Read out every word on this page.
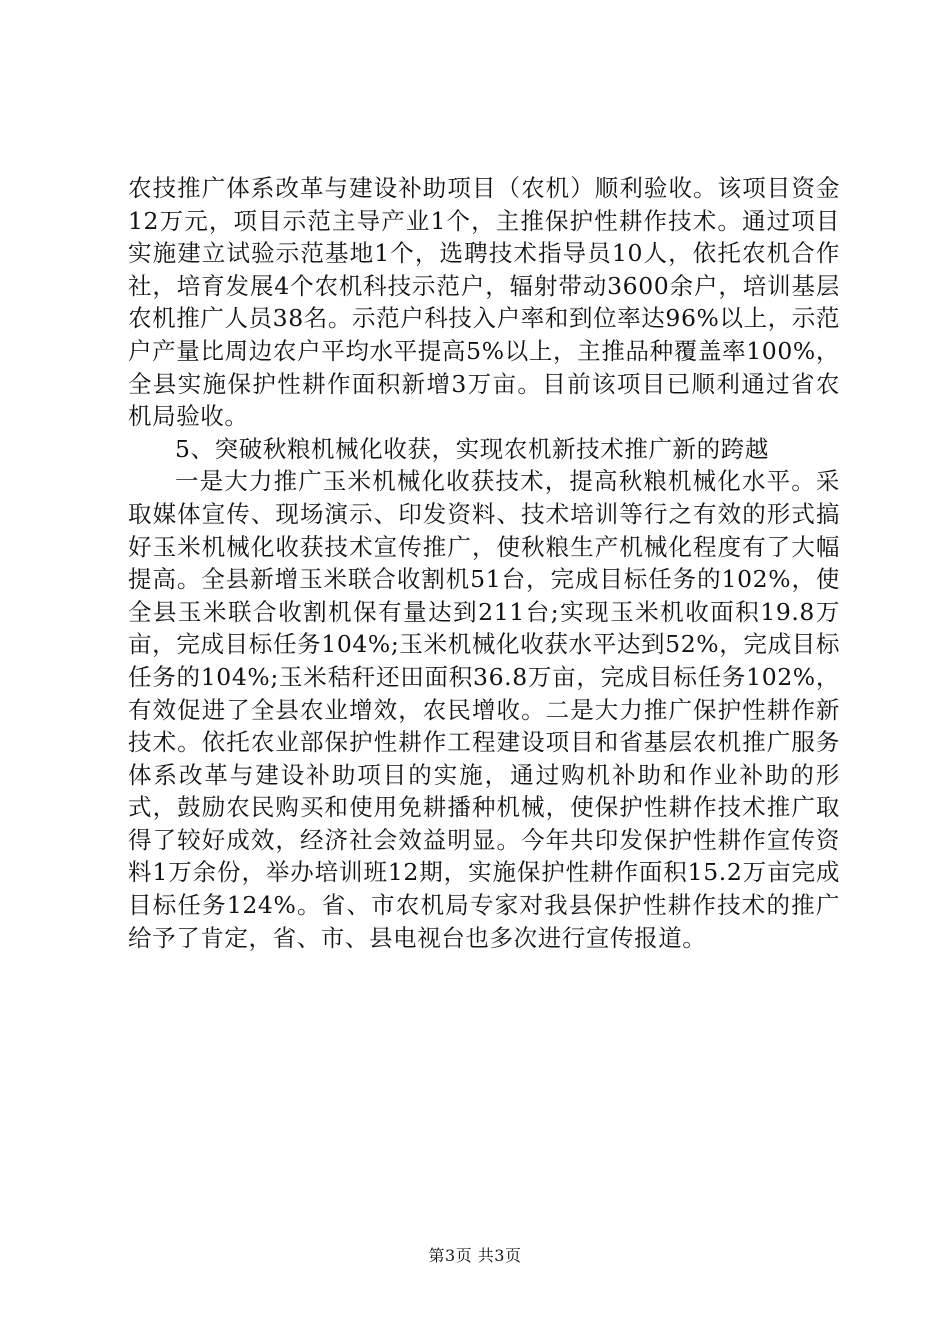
农技推广体系改革与建设补助项目（农机）顺利验收。该项目资金12万元，项目示范主导产业1个，主推保护性耕作技术。通过项目实施建立试验示范基地1个，选聘技术指导员10人，依托农机合作社，培育发展4个农机科技示范户，辐射带动3600余户，培训基层农机推广人员38名。示范户科技入户率和到位率达96%以上，示范户产量比周边农户平均水平提高5%以上，主推品种覆盖率100%，全县实施保护性耕作面积新增3万亩。目前该项目已顺利通过省农机局验收。

5、突破秋粮机械化收获，实现农机新技术推广新的跨越

一是大力推广玉米机械化收获技术，提高秋粮机械化水平。采取媒体宣传、现场演示、印发资料、技术培训等行之有效的形式搞好玉米机械化收获技术宣传推广，使秋粮生产机械化程度有了大幅提高。全县新增玉米联合收割机51台，完成目标任务的102%，使全县玉米联合收割机保有量达到211台;实现玉米机收面积19.8万亩，完成目标任务104%;玉米机械化收获水平达到52%，完成目标任务的104%;玉米秸秆还田面积36.8万亩，完成目标任务102%，有效促进了全县农业增效，农民增收。二是大力推广保护性耕作新技术。依托农业部保护性耕作工程建设项目和省基层农机推广服务体系改革与建设补助项目的实施，通过购机补助和作业补助的形式，鼓励农民购买和使用免耕播种机械，使保护性耕作技术推广取得了较好成效，经济社会效益明显。今年共印发保护性耕作宣传资料1万余份，举办培训班12期，实施保护性耕作面积15.2万亩完成目标任务124%。省、市农机局专家对我县保护性耕作技术的推广给予了肯定，省、市、县电视台也多次进行宣传报道。

第3页 共3页
